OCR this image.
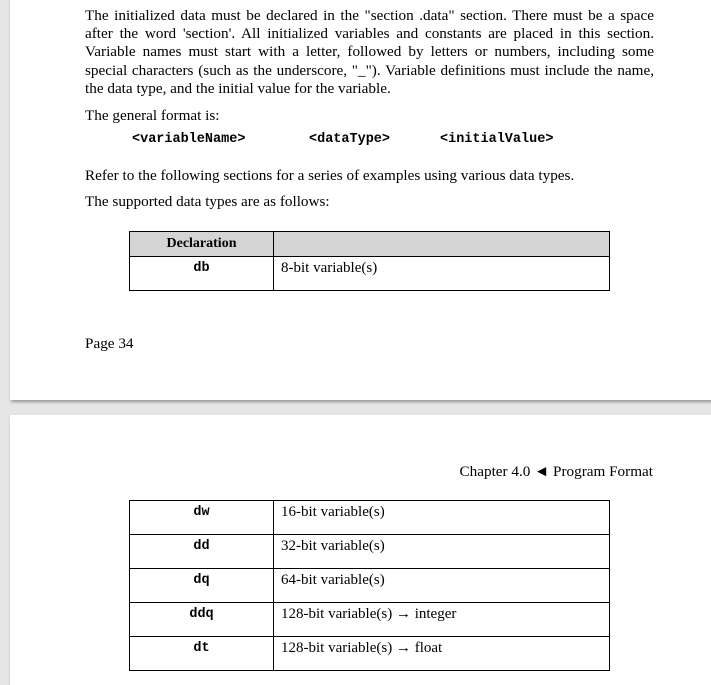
The initialized data must be declared in the "section .data" section. There must be a space after the word 'section'. All initialized variables and constants are placed in this section. Variable names must start with a letter, followed by letters or numbers, including some special characters (such as the underscore, "_"). Variable definitions must include the name, the data type, and the initial value for the variable.

The general format is:

<variableName>	<dataType>	<initialValue>

Refer to the following sections for a series of examples using various data types.

The supported data types are as follows:

Declaration	
db	8-bit variable(s)
Page 34
Chapter 4.0 ◄ Program Format
dw	16-bit variable(s)
dd	32-bit variable(s)
dq	64-bit variable(s)
ddq	128-bit variable(s) → integer
dt	128-bit variable(s) → float
